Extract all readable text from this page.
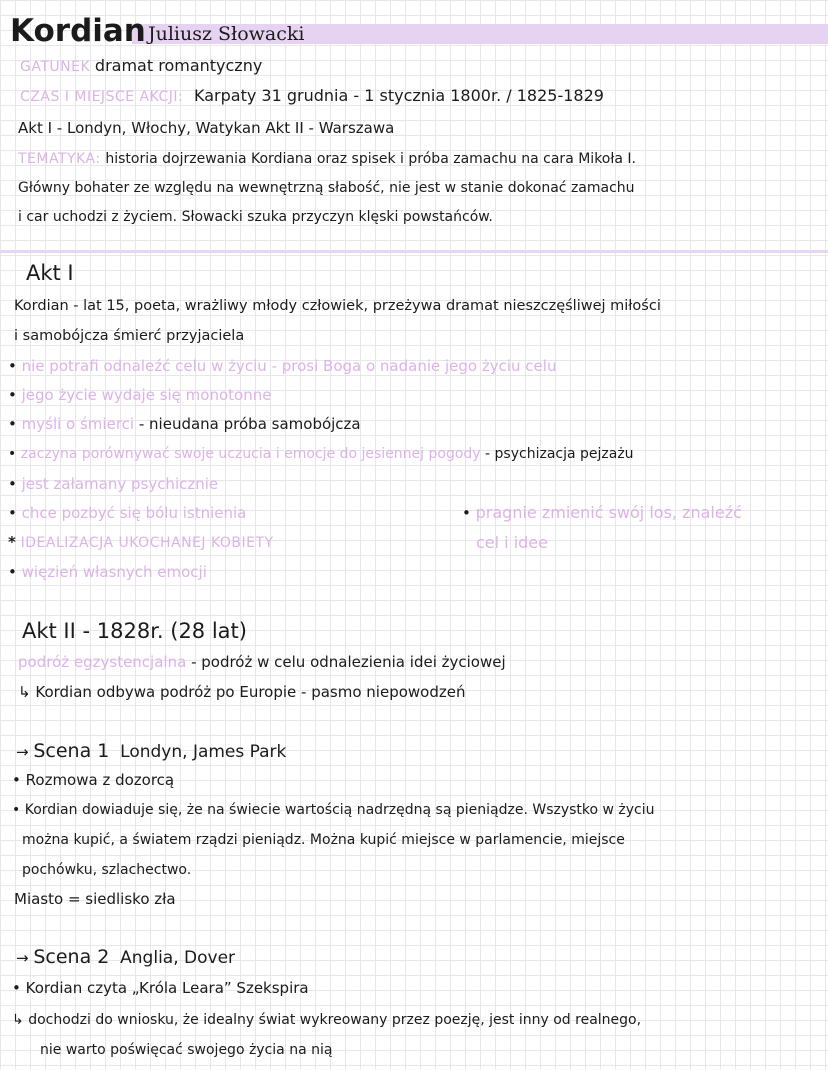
Kordian Juliusz Słowacki
GATUNEK dramat romantyczny
CZAS I MIEJSCE AKCJI: Karpaty 31 grudnia - 1 stycznia 1800r. / 1825-1829
Akt I - Londyn, Włochy, Watykan Akt II - Warszawa
TEMATYKA: historia dojrzewania Kordiana oraz spisek i próba zamachu na cara Mikoła I.
Główny bohater ze względu na wewnętrzną słabość, nie jest w stanie dokonać zamachu
i car uchodzi z życiem. Słowacki szuka przyczyn klęski powstańców.
Akt I
Kordian - lat 15, poeta, wrażliwy młody człowiek, przeżywa dramat nieszczęśliwej miłości
i samobójcza śmierć przyjaciela
• nie potrafi odnaleźć celu w życiu - prosi Boga o nadanie jego życiu celu
• jego życie wydaje się monotonne
• myśli o śmierci - nieudana próba samobójcza
• zaczyna porównywać swoje uczucia i emocje do jesiennej pogody - psychizacja pejzażu
• jest załamany psychicznie
• chce pozbyć się bólu istnienia
* IDEALIZACJA UKOCHANEJ KOBIETY
• więzień własnych emocji
• pragnie zmienić swój los, znaleźć
cel i idee
Akt II - 1828r. (28 lat)
podróż egzystencjalna - podróż w celu odnalezienia idei życiowej
↳ Kordian odbywa podróż po Europie - pasmo niepowodzeń
→ Scena 1 Londyn, James Park
• Rozmowa z dozorcą
• Kordian dowiaduje się, że na świecie wartością nadrzędną są pieniądze. Wszystko w życiu
można kupić, a światem rządzi pieniądz. Można kupić miejsce w parlamencie, miejsce
pochówku, szlachectwo.
Miasto = siedlisko zła
→ Scena 2 Anglia, Dover
• Kordian czyta „Króla Leara” Szekspira
↳ dochodzi do wniosku, że idealny świat wykreowany przez poezję, jest inny od realnego,
nie warto poświęcać swojego życia na nią
